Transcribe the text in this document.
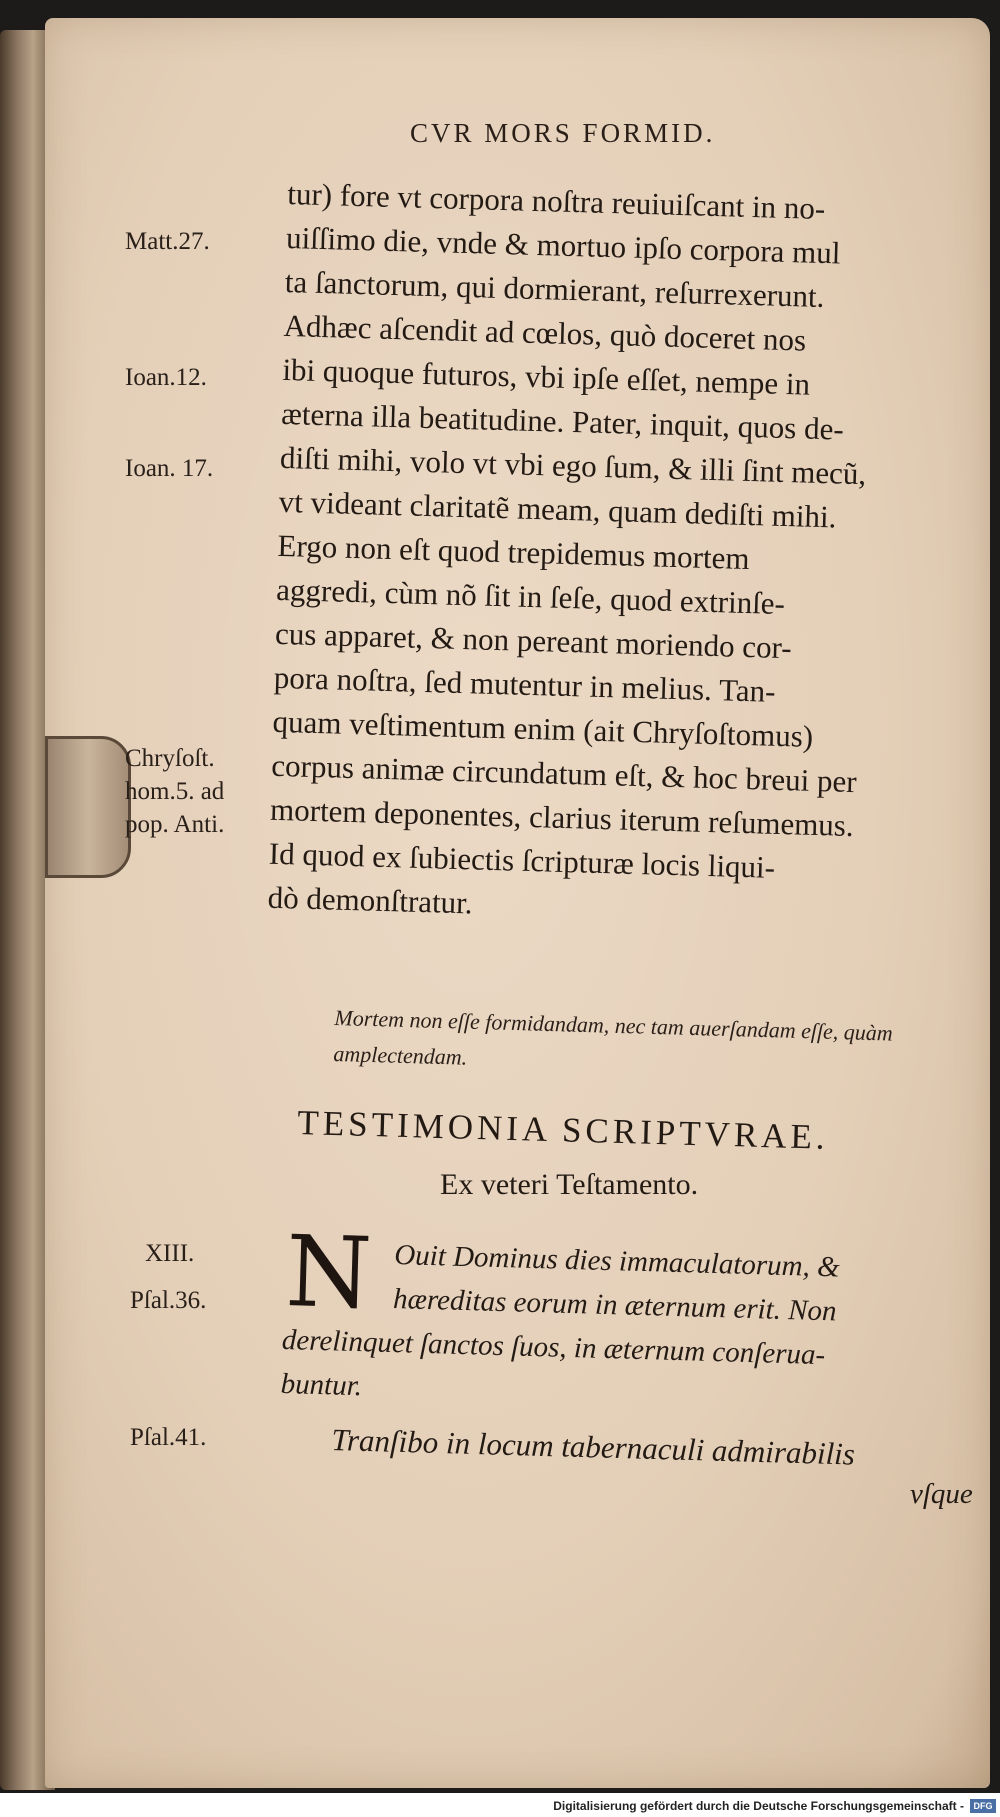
CVR MORS FORMID.
tur) fore vt corpora noſtra reuiuiſcant in no-
uiſſimo die, vnde & mortuo ipſo corpora mul
ta ſanctorum, qui dormierant, reſurrexerunt.
Adhæc aſcendit ad cœlos, quò doceret nos
ibi quoque futuros, vbi ipſe eſſet, nempe in
æterna illa beatitudine. Pater, inquit, quos de-
diſti mihi, volo vt vbi ego ſum, & illi ſint mecũ,
vt videant claritatẽ meam, quam dediſti mihi.
Ergo non eſt quod trepidemus mortem
aggredi, cùm nõ ſit in ſeſe, quod extrinſe-
cus apparet, & non pereant moriendo cor-
pora noſtra, ſed mutentur in melius. Tan-
quam veſtimentum enim (ait Chryſoſtomus)
corpus animæ circundatum eſt, & hoc breui per
mortem deponentes, clarius iterum reſumemus.
Id quod ex ſubiectis ſcripturæ locis liqui-
dò demonſtratur.
Matt.27.
Ioan.12.
Ioan. 17.
Chryſoſt.
hom.5. ad
pop. Anti.
XIII.
Pſal.36.
Pſal.41.
Mortem non eſſe formidandam, nec tam auerſandam eſſe, quàm amplectendam.
TESTIMONIA SCRIPTVRAE.
Ex veteri Teſtamento.
N Ouit Dominus dies immaculatorum, &
hæreditas eorum in æternum erit. Non
derelinquet ſanctos ſuos, in æternum conſerua-
buntur.
Tranſibo in locum tabernaculi admirabilis
vſque
Digitalisierung gefördert durch die Deutsche Forschungsgemeinschaft -	DFG
